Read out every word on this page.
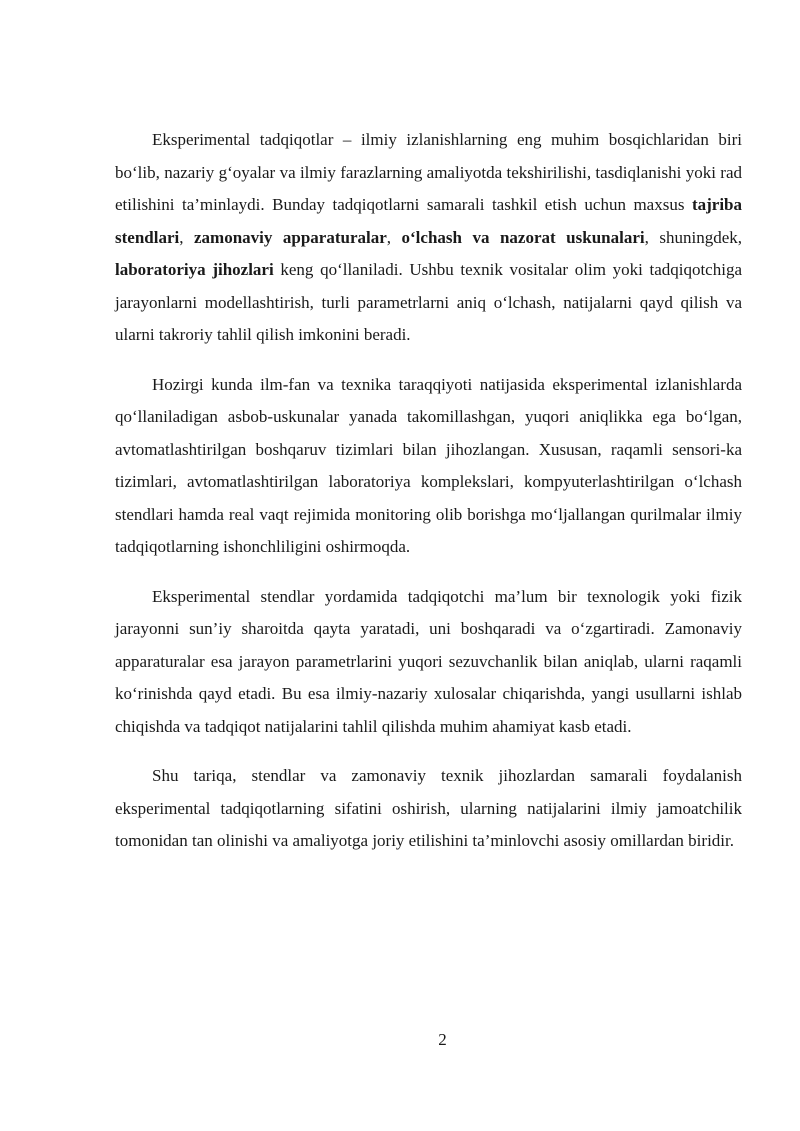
Eksperimental tadqiqotlar – ilmiy izlanishlarning eng muhim bosqichlaridan biri bo‘lib, nazariy g‘oyalar va ilmiy farazlarning amaliyotda tekshirilishi, tasdiqlanishi yoki rad etilishini ta’minlaydi. Bunday tadqiqotlarni samarali tashkil etish uchun maxsus tajriba stendlari, zamonaviy apparaturalar, o‘lchash va nazorat uskunalari, shuningdek, laboratoriya jihozlari keng qo‘llaniladi. Ushbu texnik vositalar olim yoki tadqiqotchiga jarayonlarni modellashtirish, turli parametrlarni aniq o‘lchash, natijalarni qayd qilish va ularni takroriy tahlil qilish imkonini beradi.

Hozirgi kunda ilm-fan va texnika taraqqiyoti natijasida eksperimental izlanishlarda qo‘llaniladigan asbob-uskunalar yanada takomillashgan, yuqori aniqlikka ega bo‘lgan, avtomatlashtirilgan boshqaruv tizimlari bilan jihozlangan. Xususan, raqamli sensori-ka tizimlari, avtomatlashtirilgan laboratoriya komplekslari, kompyuterlashtirilgan o‘lchash stendlari hamda real vaqt rejimida monitoring olib borishga mo‘ljallangan qurilmalar ilmiy tadqiqotlarning ishonchliligini oshirmoqda.

Eksperimental stendlar yordamida tadqiqotchi ma’lum bir texnologik yoki fizik jarayonni sun’iy sharoitda qayta yaratadi, uni boshqaradi va o‘zgartiradi. Zamonaviy apparaturalar esa jarayon parametrlarini yuqori sezuvchanlik bilan aniqlab, ularni raqamli ko‘rinishda qayd etadi. Bu esa ilmiy-nazariy xulosalar chiqarishda, yangi usullarni ishlab chiqishda va tadqiqot natijalarini tahlil qilishda muhim ahamiyat kasb etadi.

Shu tariqa, stendlar va zamonaviy texnik jihozlardan samarali foydalanish eksperimental tadqiqotlarning sifatini oshirish, ularning natijalarini ilmiy jamoatchilik tomonidan tan olinishi va amaliyotga joriy etilishini ta’minlovchi asosiy omillardan biridir.

2
